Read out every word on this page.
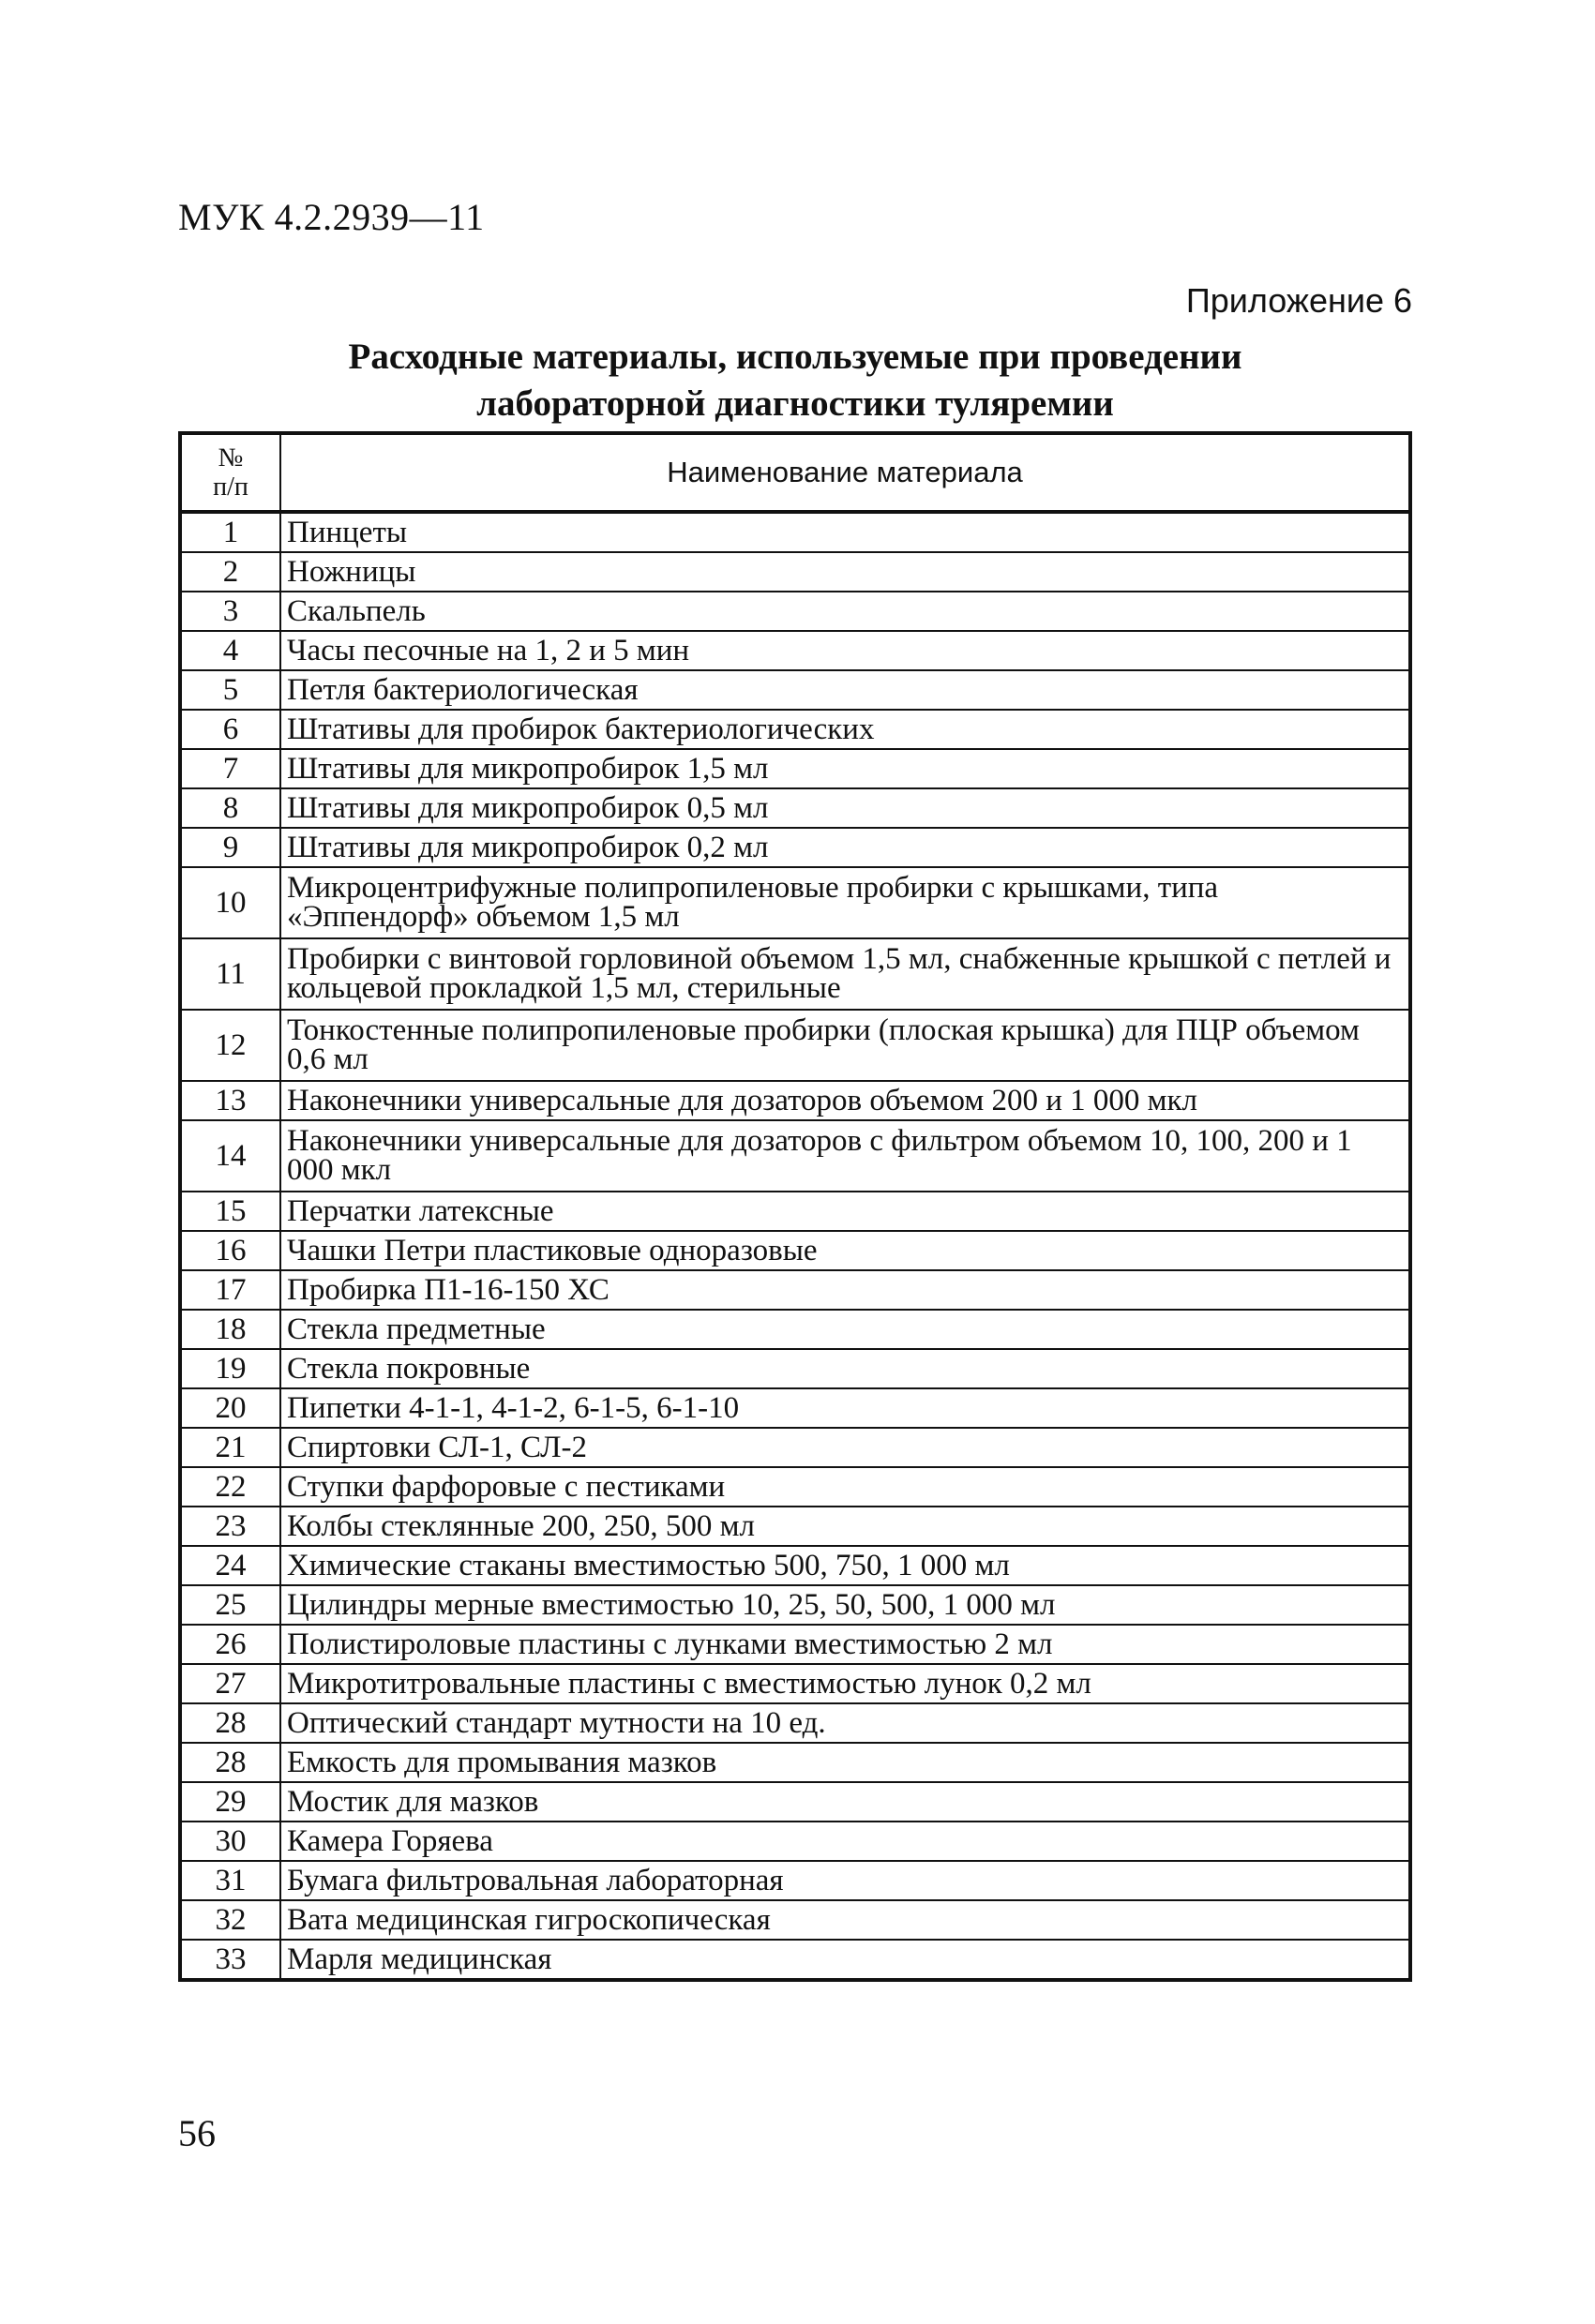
МУК 4.2.2939—11
Приложение 6
Расходные материалы, используемые при проведении
лабораторной диагностики туляремии
№
п/п	Наименование материала
1	Пинцеты
2	Ножницы
3	Скальпель
4	Часы песочные на 1, 2 и 5 мин
5	Петля бактериологическая
6	Штативы для пробирок бактериологических
7	Штативы для микропробирок 1,5 мл
8	Штативы для микропробирок 0,5 мл
9	Штативы для микропробирок 0,2 мл
10	Микроцентрифужные полипропиленовые пробирки с крышками, типа «Эппендорф» объемом 1,5 мл
11	Пробирки с винтовой горловиной объемом 1,5 мл, снабженные крышкой с петлей и кольцевой прокладкой 1,5 мл, стерильные
12	Тонкостенные полипропиленовые пробирки (плоская крышка) для ПЦР объемом 0,6 мл
13	Наконечники универсальные для дозаторов объемом 200 и 1 000 мкл
14	Наконечники универсальные для дозаторов с фильтром объемом 10, 100, 200 и 1 000 мкл
15	Перчатки латексные
16	Чашки Петри пластиковые одноразовые
17	Пробирка П1-16-150 ХС
18	Стекла предметные
19	Стекла покровные
20	Пипетки 4-1-1, 4-1-2, 6-1-5, 6-1-10
21	Спиртовки СЛ-1, СЛ-2
22	Ступки фарфоровые с пестиками
23	Колбы стеклянные 200, 250, 500 мл
24	Химические стаканы вместимостью 500, 750, 1 000 мл
25	Цилиндры мерные вместимостью 10, 25, 50, 500, 1 000 мл
26	Полистироловые пластины с лунками вместимостью 2 мл
27	Микротитровальные пластины с вместимостью лунок 0,2 мл
28	Оптический стандарт мутности на 10 ед.
28	Емкость для промывания мазков
29	Мостик для мазков
30	Камера Горяева
31	Бумага фильтровальная лабораторная
32	Вата медицинская гигроскопическая
33	Марля медицинская
56
